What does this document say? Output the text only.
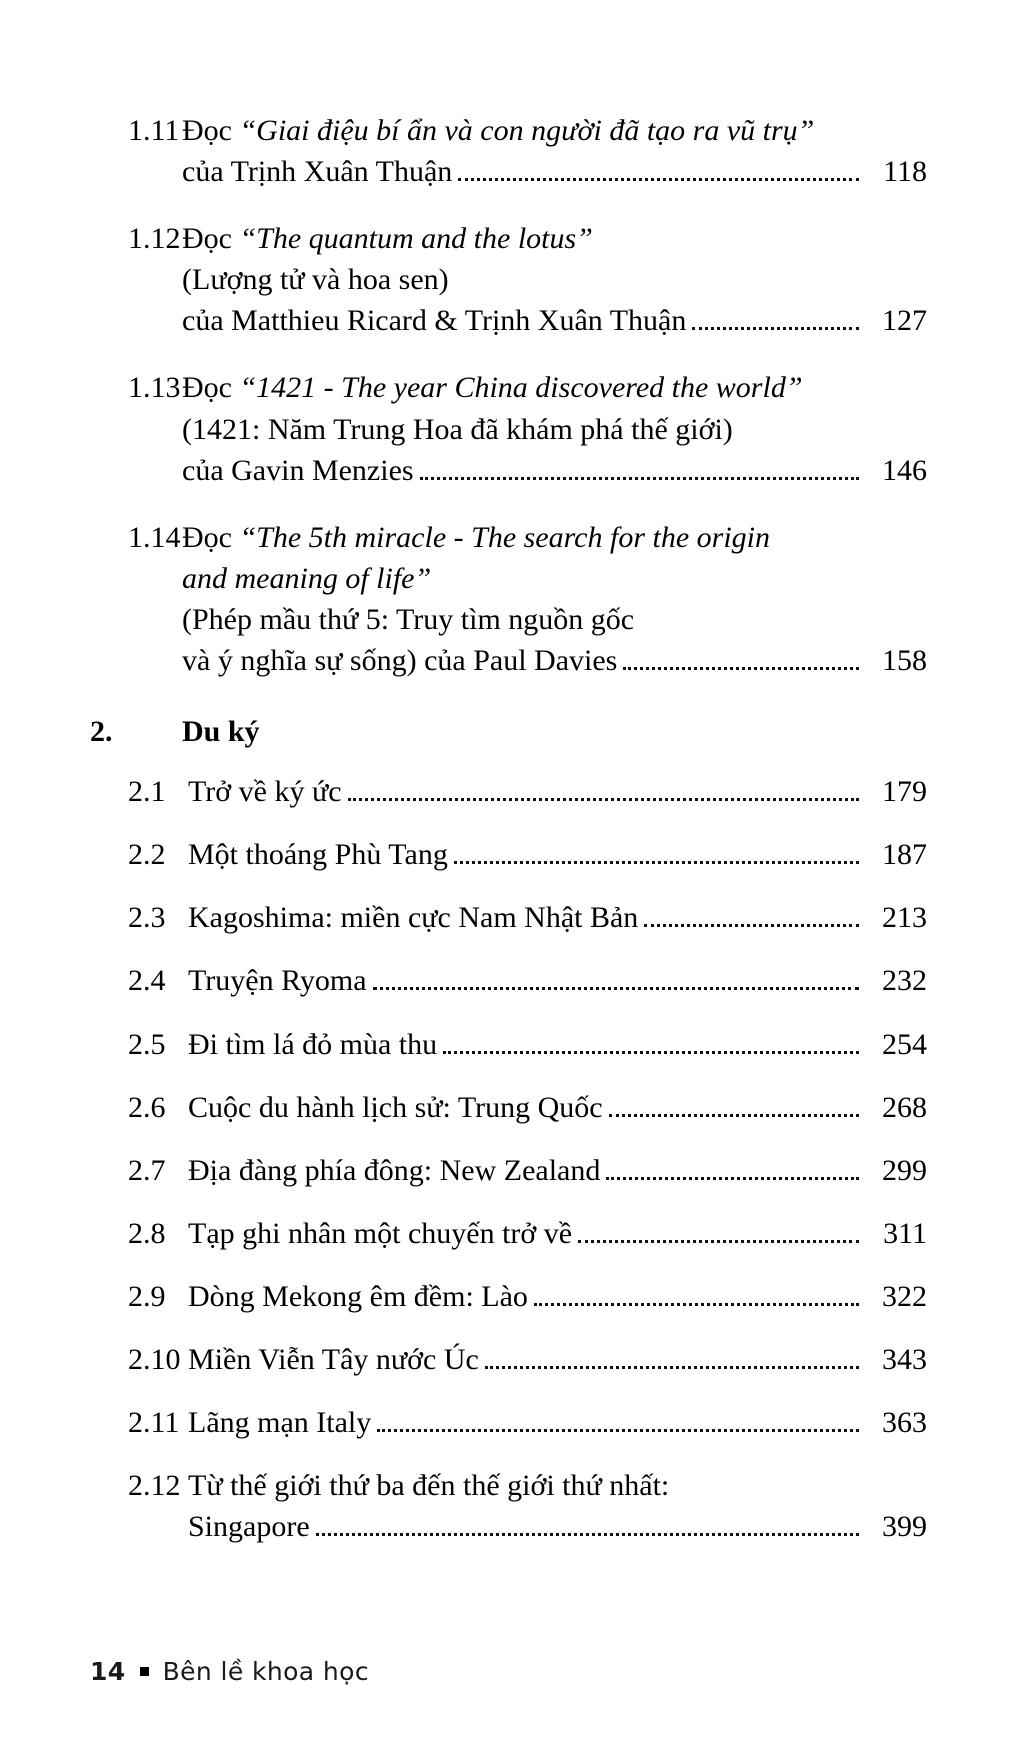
1.11 Đọc “Giai điệu bí ẩn và con người đã tạo ra vũ trụ”
của Trịnh Xuân Thuận	118
1.12 Đọc “The quantum and the lotus”
(Lượng tử và hoa sen)
của Matthieu Ricard & Trịnh Xuân Thuận	127
1.13 Đọc “1421 - The year China discovered the world”
(1421: Năm Trung Hoa đã khám phá thế giới)
của Gavin Menzies	146
1.14 Đọc “The 5th miracle - The search for the origin
and meaning of life”
(Phép mầu thứ 5: Truy tìm nguồn gốc
và ý nghĩa sự sống) của Paul Davies	158
2.	Du ký
2.1 Trở về ký ức	179
2.2 Một thoáng Phù Tang	187
2.3 Kagoshima: miền cực Nam Nhật Bản	213
2.4 Truyện Ryoma	232
2.5 Đi tìm lá đỏ mùa thu	254
2.6 Cuộc du hành lịch sử: Trung Quốc	268
2.7 Địa đàng phía đông: New Zealand	299
2.8 Tạp ghi nhân một chuyến trở về	311
2.9 Dòng Mekong êm đềm: Lào	322
2.10 Miền Viễn Tây nước Úc	343
2.11 Lãng mạn Italy	363
2.12 Từ thế giới thứ ba đến thế giới thứ nhất:
Singapore	399
14 Bên lề khoa học
